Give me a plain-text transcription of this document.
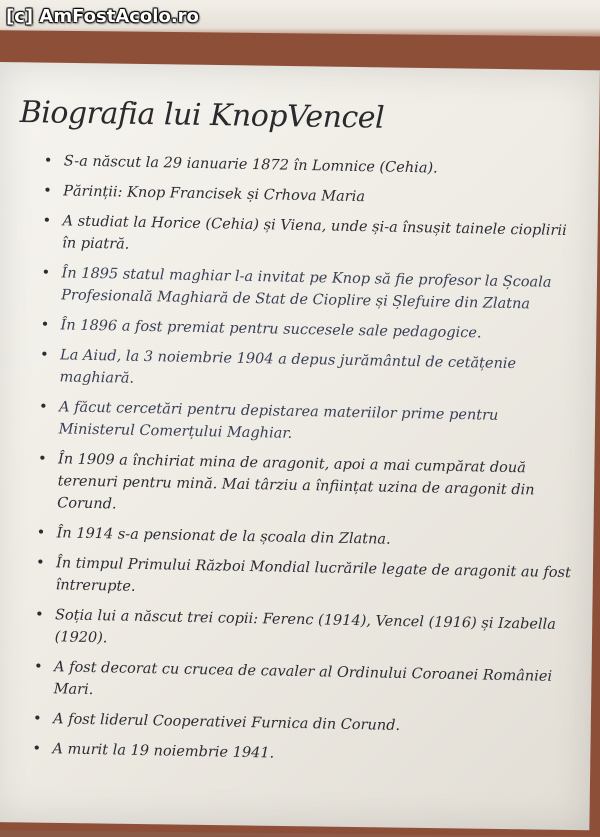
[c] AmFostAcolo.ro
Biografia lui KnopVencel
• S-a născut la 29 ianuarie 1872 în Lomnice (Cehia).
• Părinții: Knop Francisek și Crhova Maria
• A studiat la Horice (Cehia) și Viena, unde și-a însușit tainele cioplirii în piatră.
• În 1895 statul maghiar l-a invitat pe Knop să fie profesor la Școala Profesională Maghiară de Stat de Cioplire și Șlefuire din Zlatna
• În 1896 a fost premiat pentru succesele sale pedagogice.
• La Aiud, la 3 noiembrie 1904 a depus jurământul de cetățenie maghiară.
• A făcut cercetări pentru depistarea materiilor prime pentru Ministerul Comerțului Maghiar.
• În 1909 a închiriat mina de aragonit, apoi a mai cumpărat două terenuri pentru mină. Mai târziu a înființat uzina de aragonit din Corund.
• În 1914 s-a pensionat de la școala din Zlatna.
• În timpul Primului Război Mondial lucrările legate de aragonit au fost întrerupte.
• Soția lui a născut trei copii: Ferenc (1914), Vencel (1916) și Izabella (1920).
• A fost decorat cu crucea de cavaler al Ordinului Coroanei României Mari.
• A fost liderul Cooperativei Furnica din Corund.
• A murit la 19 noiembrie 1941.
